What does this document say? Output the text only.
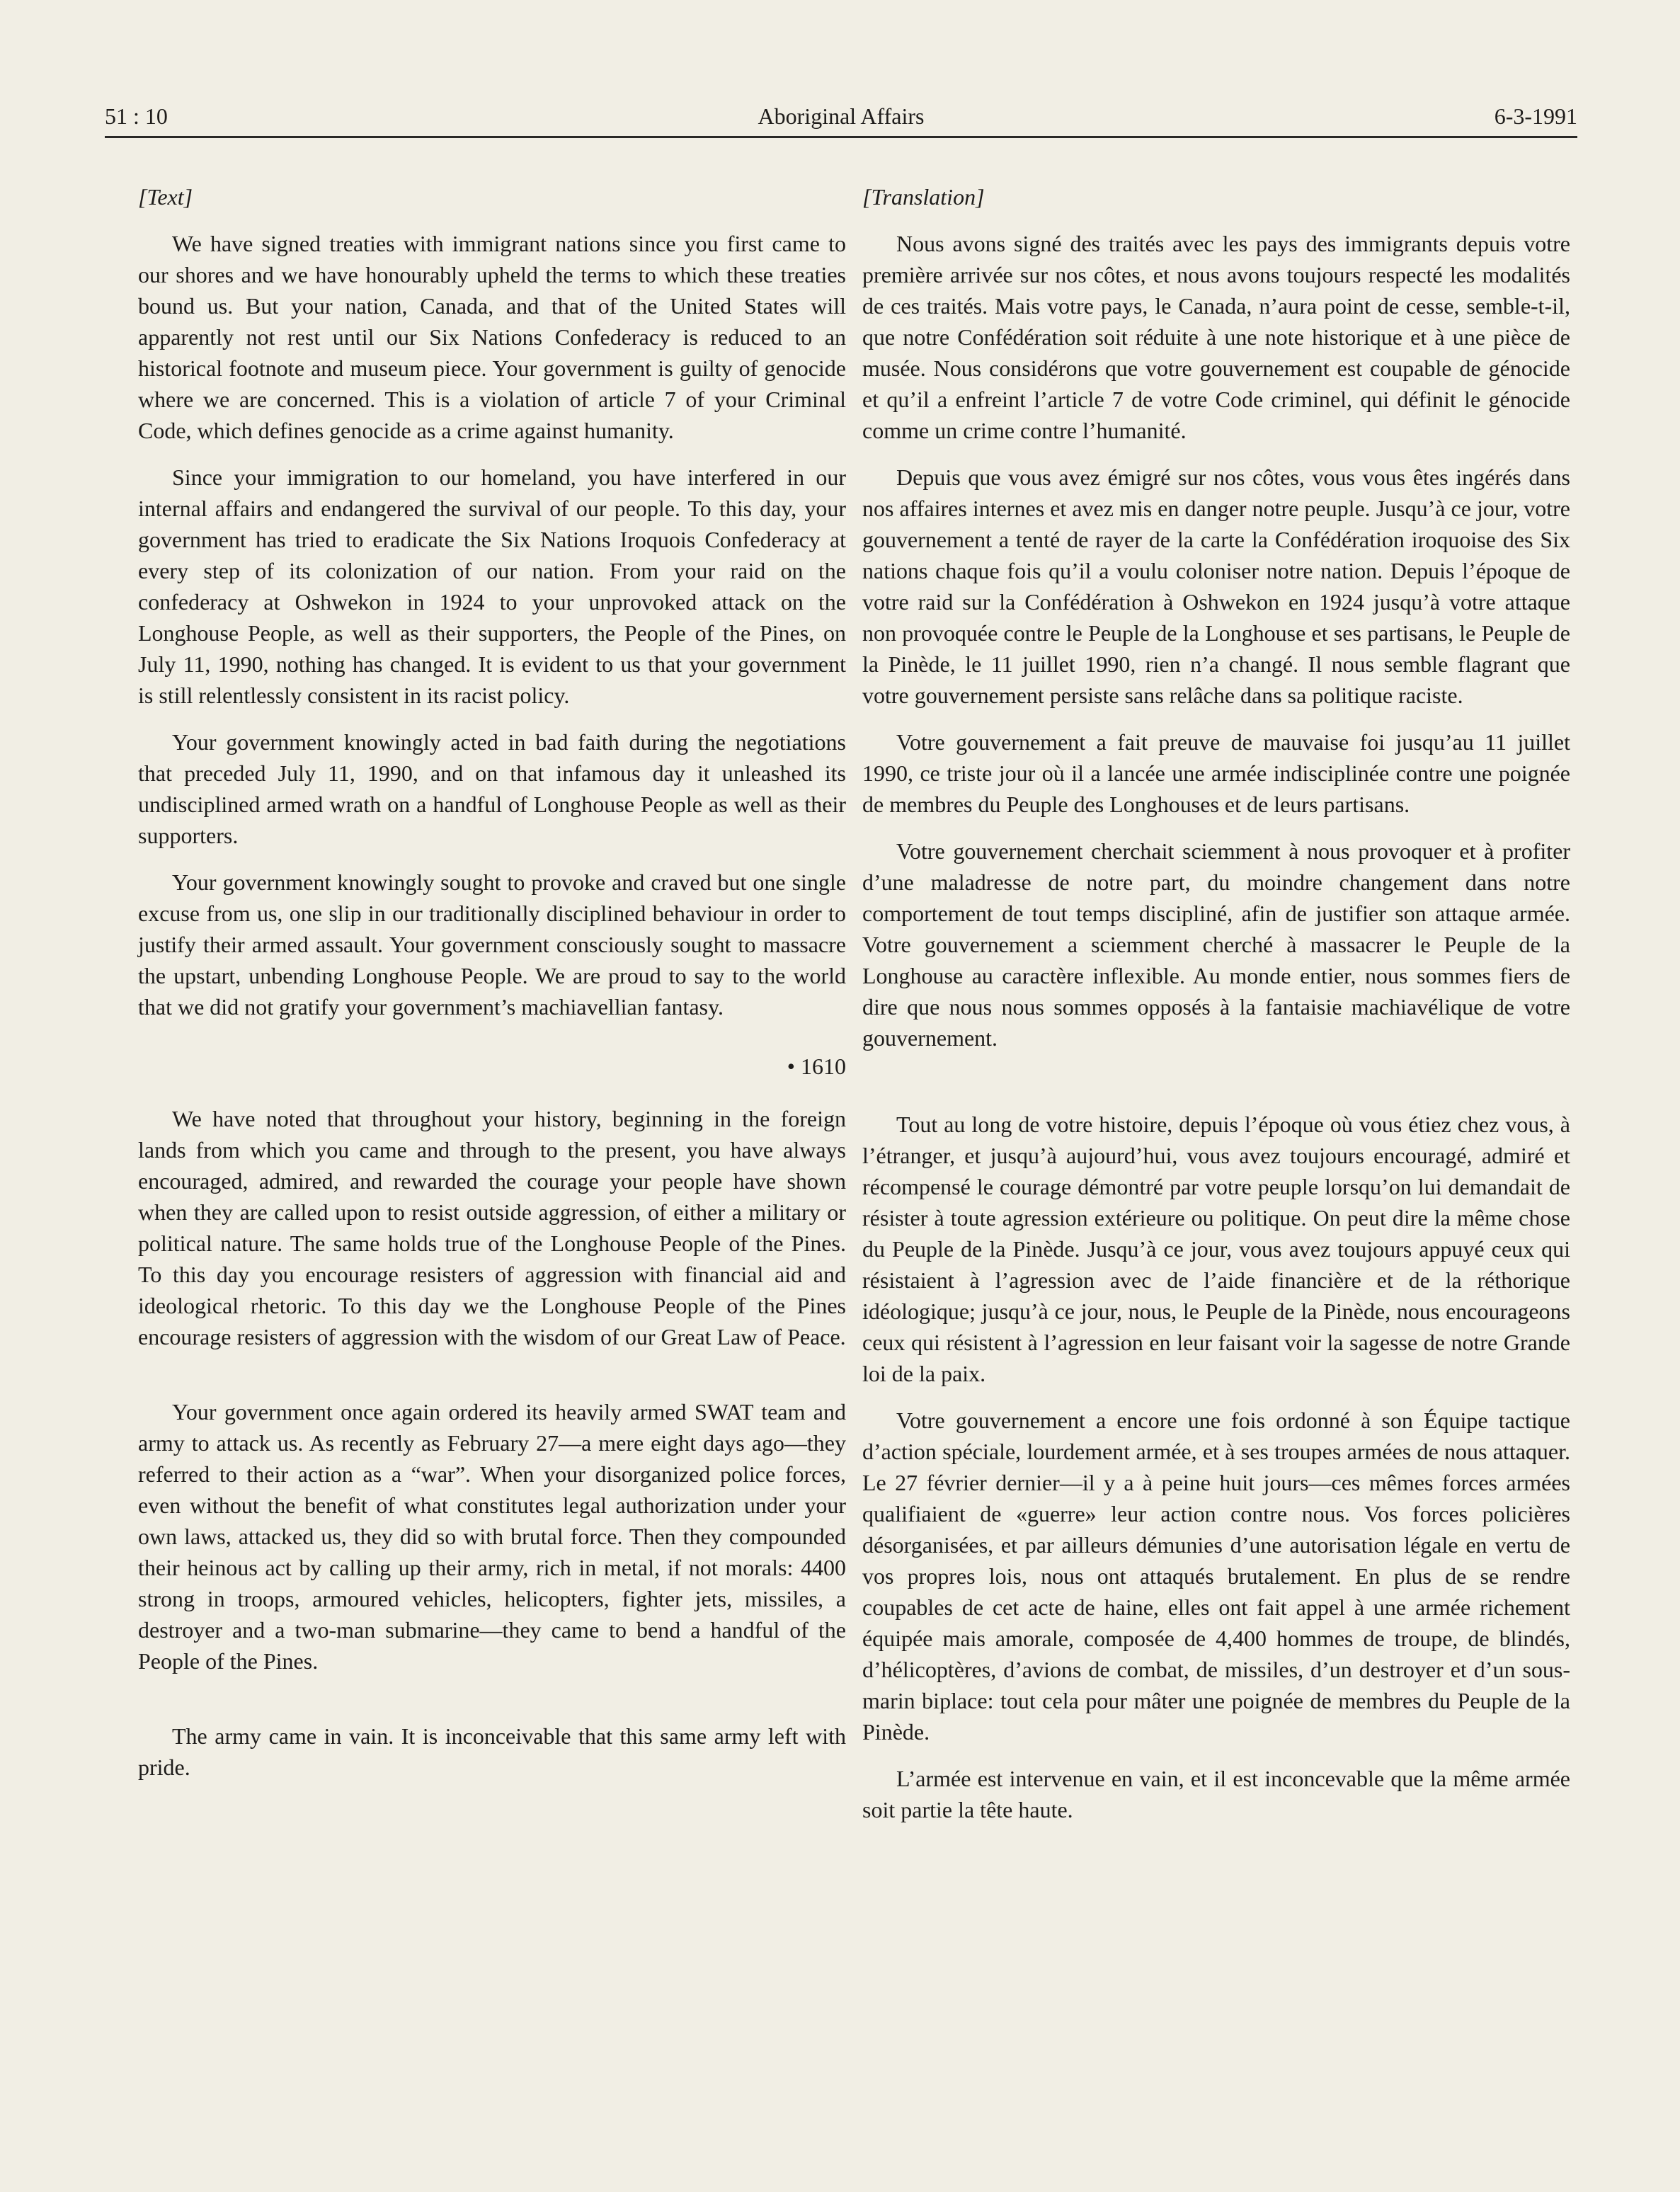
51 : 10	Aboriginal Affairs	6-3-1991
[Text]

We have signed treaties with immigrant nations since you first came to our shores and we have honourably upheld the terms to which these treaties bound us. But your nation, Canada, and that of the United States will apparently not rest until our Six Nations Confederacy is reduced to an historical footnote and museum piece. Your government is guilty of genocide where we are concerned. This is a violation of article 7 of your Criminal Code, which defines genocide as a crime against humanity.

Since your immigration to our homeland, you have interfered in our internal affairs and endangered the survival of our people. To this day, your government has tried to eradicate the Six Nations Iroquois Confederacy at every step of its colonization of our nation. From your raid on the confederacy at Oshwekon in 1924 to your unprovoked attack on the Longhouse People, as well as their supporters, the People of the Pines, on July 11, 1990, nothing has changed. It is evident to us that your government is still relentlessly consistent in its racist policy.

Your government knowingly acted in bad faith during the negotiations that preceded July 11, 1990, and on that infamous day it unleashed its undisciplined armed wrath on a handful of Longhouse People as well as their supporters.

Your government knowingly sought to provoke and craved but one single excuse from us, one slip in our traditionally disciplined behaviour in order to justify their armed assault. Your government consciously sought to massacre the upstart, unbending Longhouse People. We are proud to say to the world that we did not gratify your government’s machiavellian fantasy.

• 1610

We have noted that throughout your history, beginning in the foreign lands from which you came and through to the present, you have always encouraged, admired, and rewarded the courage your people have shown when they are called upon to resist outside aggression, of either a military or political nature. The same holds true of the Longhouse People of the Pines. To this day you encourage resisters of aggression with financial aid and ideological rhetoric. To this day we the Longhouse People of the Pines encourage resisters of aggression with the wisdom of our Great Law of Peace.

Your government once again ordered its heavily armed SWAT team and army to attack us. As recently as February 27—a mere eight days ago—they referred to their action as a “war”. When your disorganized police forces, even without the benefit of what constitutes legal authorization under your own laws, attacked us, they did so with brutal force. Then they compounded their heinous act by calling up their army, rich in metal, if not morals: 4400 strong in troops, armoured vehicles, helicopters, fighter jets, missiles, a destroyer and a two-man submarine—they came to bend a handful of the People of the Pines.

The army came in vain. It is inconceivable that this same army left with pride.

[Translation]

Nous avons signé des traités avec les pays des immigrants depuis votre première arrivée sur nos côtes, et nous avons toujours respecté les modalités de ces traités. Mais votre pays, le Canada, n’aura point de cesse, semble-t-il, que notre Confédération soit réduite à une note historique et à une pièce de musée. Nous considérons que votre gouvernement est coupable de génocide et qu’il a enfreint l’article 7 de votre Code criminel, qui définit le génocide comme un crime contre l’humanité.

Depuis que vous avez émigré sur nos côtes, vous vous êtes ingérés dans nos affaires internes et avez mis en danger notre peuple. Jusqu’à ce jour, votre gouvernement a tenté de rayer de la carte la Confédération iroquoise des Six nations chaque fois qu’il a voulu coloniser notre nation. Depuis l’époque de votre raid sur la Confédération à Oshwekon en 1924 jusqu’à votre attaque non provoquée contre le Peuple de la Longhouse et ses partisans, le Peuple de la Pinède, le 11 juillet 1990, rien n’a changé. Il nous semble flagrant que votre gouvernement persiste sans relâche dans sa politique raciste.

Votre gouvernement a fait preuve de mauvaise foi jusqu’au 11 juillet 1990, ce triste jour où il a lancée une armée indisciplinée contre une poignée de membres du Peuple des Longhouses et de leurs partisans.

Votre gouvernement cherchait sciemment à nous provoquer et à profiter d’une maladresse de notre part, du moindre changement dans notre comportement de tout temps discipliné, afin de justifier son attaque armée. Votre gouvernement a sciemment cherché à massacrer le Peuple de la Longhouse au caractère inflexible. Au monde entier, nous sommes fiers de dire que nous nous sommes opposés à la fantaisie machiavélique de votre gouvernement.

Tout au long de votre histoire, depuis l’époque où vous étiez chez vous, à l’étranger, et jusqu’à aujourd’hui, vous avez toujours encouragé, admiré et récompensé le courage démontré par votre peuple lorsqu’on lui demandait de résister à toute agression extérieure ou politique. On peut dire la même chose du Peuple de la Pinède. Jusqu’à ce jour, vous avez toujours appuyé ceux qui résistaient à l’agression avec de l’aide financière et de la réthorique idéologique; jusqu’à ce jour, nous, le Peuple de la Pinède, nous encourageons ceux qui résistent à l’agression en leur faisant voir la sagesse de notre Grande loi de la paix.

Votre gouvernement a encore une fois ordonné à son Équipe tactique d’action spéciale, lourdement armée, et à ses troupes armées de nous attaquer. Le 27 février dernier—il y a à peine huit jours—ces mêmes forces armées qualifiaient de «guerre» leur action contre nous. Vos forces policières désorganisées, et par ailleurs démunies d’une autorisation légale en vertu de vos propres lois, nous ont attaqués brutalement. En plus de se rendre coupables de cet acte de haine, elles ont fait appel à une armée richement équipée mais amorale, composée de 4,400 hommes de troupe, de blindés, d’hélicoptères, d’avions de combat, de missiles, d’un destroyer et d’un sous-marin biplace: tout cela pour mâter une poignée de membres du Peuple de la Pinède.

L’armée est intervenue en vain, et il est inconcevable que la même armée soit partie la tête haute.
